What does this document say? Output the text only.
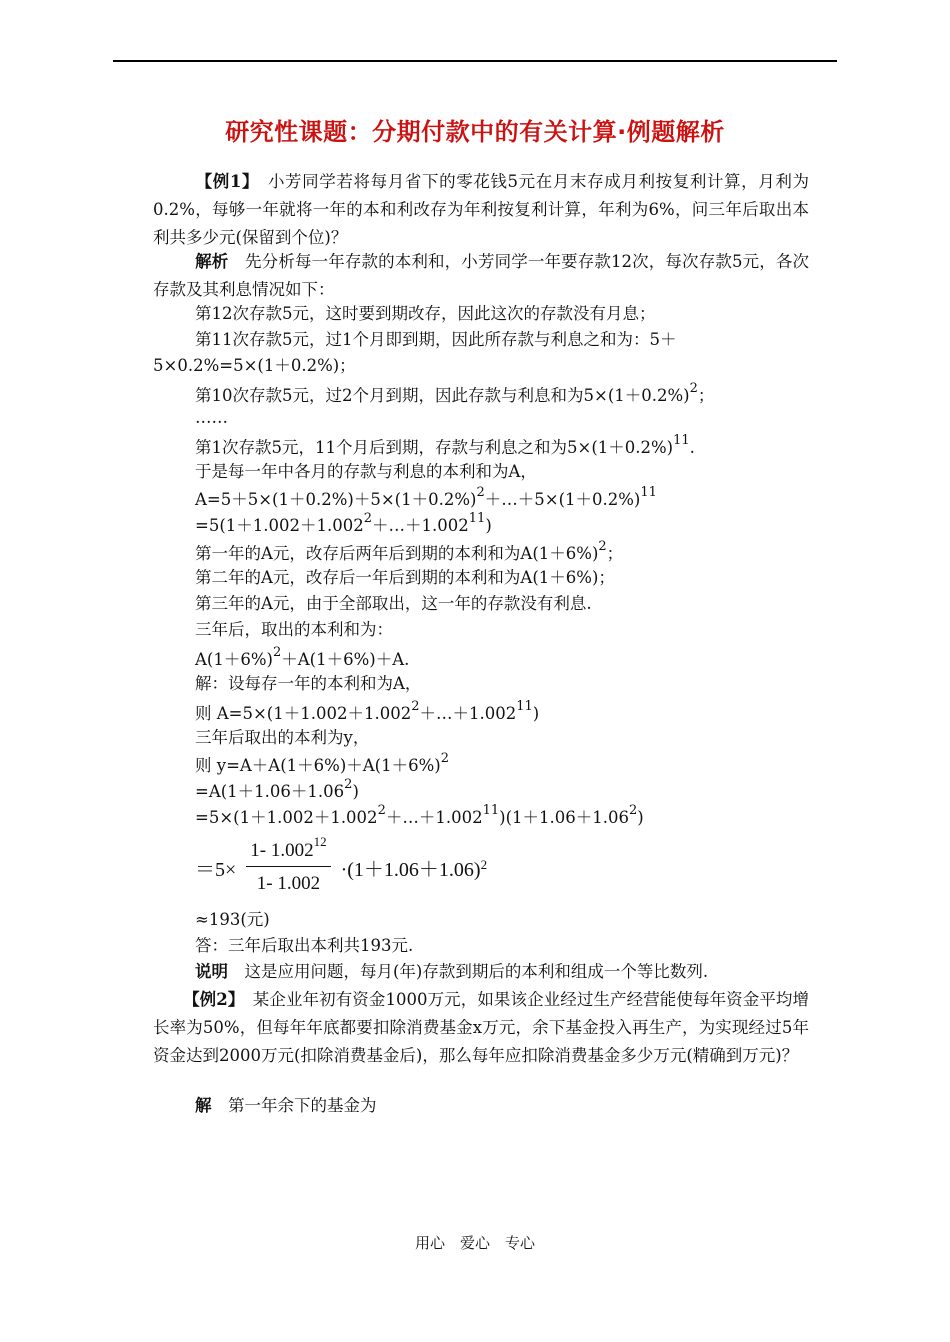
研究性课题：分期付款中的有关计算·例题解析
【例1】　 小芳同学若将每月省下的零花钱5元在月末存成月利按复利计算，月利为0.2%，每够一年就将一年的本和利改存为年利按复利计算，年利为6%，问三年后取出本利共多少元(保留到个位)？
解析　 先分析每一年存款的本利和，小芳同学一年要存款12次，每次存款5元，各次存款及其利息情况如下：
第12次存款5元，这时要到期改存，因此这次的存款没有月息；
第11次存款5元，过1个月即到期，因此所存款与利息之和为：5＋
5×0.2%=5×(1＋0.2%)；
第10次存款5元，过2个月到期，因此存款与利息和为$5\times(1+0.2\%)^2$；
……
第1次存款5元，11个月后到期，存款与利息之和为$5\times(1+0.2\%)^{11}$.
于是每一年中各月的存款与利息的本利和为A，
$A=5+5\times(1+0.2\%)+5\times(1+0.2\%)^2+\dots+5\times(1+0.2\%)^{11}$
$=5(1+1.002+1.002^2+\dots+1.002^{11})$
第一年的A元，改存后两年后到期的本利和为$A(1+6\%)^2$；
第二年的A元，改存后一年后到期的本利和为A(1＋6%)；
第三年的A元，由于全部取出，这一年的存款没有利息.
三年后，取出的本利和为：
$A(1+6\%)^2+A(1+6\%)+A$.
解：设每存一年的本利和为A，
则 $A=5\times(1+1.002+1.002^2+\dots+1.002^{11})$
三年后取出的本利为y，
则 $y=A+A(1+6\%)+A(1+6\%)^2$
$=A(1+1.06+1.06^2)$
$=5\times(1+1.002+1.002^2+\dots+1.002^{11})(1+1.06+1.06^2)$
$=5\times \frac{1- 1.002^{12}}{1- 1.002} \cdot(1+1.06+1.06)^2$
≈193(元)
答：三年后取出本利共193元.
说明　 这是应用问题，每月(年)存款到期后的本利和组成一个等比数列.
【例2】　 某企业年初有资金1000万元，如果该企业经过生产经营能使每年资金平均增长率为50%，但每年年底都要扣除消费基金x万元，余下基金投入再生产，为实现经过5年资金达到2000万元(扣除消费基金后)，那么每年应扣除消费基金多少万元(精确到万元)？
解　 第一年余下的基金为
用心　爱心　专心
